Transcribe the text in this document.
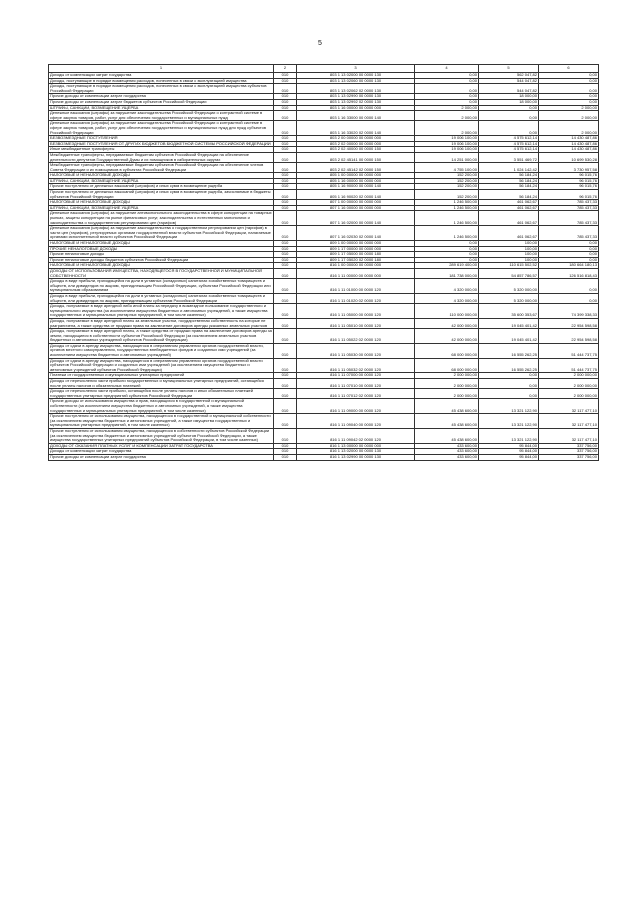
5
1	2	3	4	5	6
Доходы от компенсации затрат государства	010	803 1 13 02000 00 0000 130	0,00	562 047,82	0,00
Доходы, поступающие в порядке возмещения расходов, понесенных в связи с эксплуатацией имущества	010	803 1 13 02060 00 0000 130	0,00	544 047,82	0,00
Доходы, поступающие в порядке возмещения расходов, понесенных в связи с эксплуатацией имущества субъектов Российской Федерации	010	803 1 13 02062 02 0000 130	0,00	544 047,82	0,00
Прочие доходы от компенсации затрат государства	010	803 1 13 02990 00 0000 130	0,00	18 000,00	0,00
Прочие доходы от компенсации затрат бюджетов субъектов Российской Федерации	010	803 1 13 02992 02 0000 130	0,00	18 000,00	0,00
ШТРАФЫ, САНКЦИИ, ВОЗМЕЩЕНИЕ УЩЕРБА	010	803 1 16 00000 00 0000 000	2 000,00	0,00	2 000,00
Денежные взыскания (штрафы) за нарушение законодательства Российской Федерации о контрактной системе в сфере закупок товаров, работ, услуг для обеспечения государственных и муниципальных нужд	010	803 1 16 33000 00 0000 140	2 000,00	0,00	2 000,00
Денежные взыскания (штрафы) за нарушение законодательства Российской Федерации о контрактной системе в сфере закупок товаров, работ, услуг для обеспечения государственных и муниципальных нужд для нужд субъектов Российской Федерации	010	803 1 16 33020 02 0000 140	2 000,00	0,00	2 000,00
БЕЗВОЗМЕЗДНЫЕ ПОСТУПЛЕНИЯ	010	803 2 00 00000 00 0000 000	19 006 100,00	4 575 612,14	14 430 487,86
БЕЗВОЗМЕЗДНЫЕ ПОСТУПЛЕНИЯ ОТ ДРУГИХ БЮДЖЕТОВ БЮДЖЕТНОЙ СИСТЕМЫ РОССИЙСКОЙ ФЕДЕРАЦИИ	010	803 2 02 00000 00 0000 000	19 006 100,00	4 575 612,14	14 430 487,86
Иные межбюджетные трансферты	010	803 2 02 40000 00 0000 150	19 006 100,00	4 575 612,14	14 430 487,86
Межбюджетные трансферты, передаваемые бюджетам субъектов Российской Федерации на обеспечение деятельности депутатов Государственной Думы и их помощников в избирательных округах	010	803 2 02 45141 00 0000 150	14 251 000,00	3 551 469,72	10 699 530,28
Межбюджетные трансферты, передаваемые бюджетам субъектов Российской Федерации на обеспечение членов Совета Федерации и их помощников в субъектах Российской Федерации	010	803 2 02 45142 02 0000 150	4 755 100,00	1 024 142,42	3 730 957,58
НАЛОГОВЫЕ И НЕНАЛОГОВЫЕ ДОХОДЫ	010	805 1 00 00000 00 0000 000	152 200,00	56 184,24	96 015,76
ШТРАФЫ, САНКЦИИ, ВОЗМЕЩЕНИЕ УЩЕРБА	010	805 1 16 00000 00 0000 000	152 200,00	56 184,24	96 015,76
Прочие поступления от денежных взысканий (штрафов) и иных сумм в возмещение ущерба	010	805 1 16 90000 00 0000 140	152 200,00	56 184,24	96 015,76
Прочие поступления от денежных взысканий (штрафов) и иных сумм в возмещение ущерба, зачисляемые в бюджеты субъектов Российской Федерации	010	805 1 16 90020 02 0000 140	152 200,00	56 184,24	96 015,76
НАЛОГОВЫЕ И НЕНАЛОГОВЫЕ ДОХОДЫ	010	807 1 00 00000 00 0000 000	1 246 500,00	461 062,67	785 437,33
ШТРАФЫ, САНКЦИИ, ВОЗМЕЩЕНИЕ УЩЕРБА	010	807 1 16 00000 00 0000 000	1 246 500,00	461 062,67	785 437,33
Денежные взыскания (штрафы) за нарушение антимонопольного законодательства в сфере конкуренции на товарных рынках, защиты конкуренции на рынке финансовых услуг, законодательства о естественных монополиях и законодательства о государственном регулировании цен (тарифов)	010	807 1 16 02000 00 0000 140	1 246 500,00	461 062,67	785 437,33
Денежные взыскания (штрафы) за нарушение законодательства о государственном регулировании цен (тарифов) в части цен (тарифов), регулируемых органами государственной власти субъектов Российской Федерации, налагаемые органами исполнительной власти субъектов Российской Федерации	010	807 1 16 02030 02 0000 140	1 246 500,00	461 062,67	785 437,33
НАЛОГОВЫЕ И НЕНАЛОГОВЫЕ ДОХОДЫ	010	809 1 00 00000 00 0000 000	0,00	100,00	0,00
ПРОЧИЕ НЕНАЛОГОВЫЕ ДОХОДЫ	010	809 1 17 00000 00 0000 000	0,00	100,00	0,00
Прочие неналоговые доходы	010	809 1 17 05000 00 0000 180	0,00	100,00	0,00
Прочие неналоговые доходы бюджетов субъектов Российской Федерации	010	809 1 17 05020 02 0000 180	0,00	100,00	0,00
НАЛОГОВЫЕ И НЕНАЛОГОВЫЕ ДОХОДЫ	010	816 1 00 00000 00 0000 000	289 619 400,00	110 615 502,52	180 664 180,13
ДОХОДЫ ОТ ИСПОЛЬЗОВАНИЯ ИМУЩЕСТВА, НАХОДЯЩЕГОСЯ В ГОСУДАРСТВЕННОЙ И МУНИЦИПАЛЬНОЙ СОБСТВЕННОСТИ	010	816 1 11 00000 00 0000 000	181 738 000,00	54 857 786,57	126 516 818,43
Доходы в виде прибыли, приходящейся на доли в уставных (складочных) капиталах хозяйственных товариществ и обществ, или дивидендов по акциям, принадлежащим Российской Федерации, субъектам Российской Федерации или муниципальным образованиям	010	816 1 11 01000 00 0000 120	4 320 000,00	5 320 000,00	0,00
Доходы в виде прибыли, приходящейся на доли в уставных (складочных) капиталах хозяйственных товариществ и обществ, или дивидендов по акциям, принадлежащим субъектам Российской Федерации	010	816 1 11 01020 02 0000 120	4 320 000,00	5 320 000,00	0,00
Доходы, получаемые в виде арендной либо иной платы за передачу в возмездное пользование государственного и муниципального имущества (за исключением имущества бюджетных и автономных учреждений, а также имущества государственных и муниципальных унитарных предприятий, в том числе казенных)	010	816 1 11 05000 00 0000 120	110 000 000,00	35 600 353,67	74 399 338,33
Доходы, получаемые в виде арендной платы за земельные участки, государственная собственность на которые не разграничена, а также средства от продажи права на заключение договоров аренды указанных земельных участков	010	816 1 11 05010 00 0000 120	42 000 000,00	19 045 401,42	22 954 598,58
Доходы, получаемые в виде арендной платы, а также средства от продажи права на заключение договоров аренды за земли, находящиеся в собственности субъектов Российской Федерации (за исключением земельных участков бюджетных и автономных учреждений субъектов Российской Федерации)	010	816 1 11 05022 02 0000 120	42 000 000,00	19 045 401,42	22 954 598,58
Доходы от сдачи в аренду имущества, находящегося в оперативном управлении органов государственной власти, органов местного самоуправления, государственных внебюджетных фондов и созданных ими учреждений (за исключением имущества бюджетных и автономных учреждений)	010	816 1 11 05030 00 0000 120	68 000 000,00	16 555 262,25	51 444 737,75
Доходы от сдачи в аренду имущества, находящегося в оперативном управлении органов государственной власти субъектов Российской Федерации и созданных ими учреждений (за исключением имущества бюджетных и автономных учреждений субъектов Российской Федерации)	010	816 1 11 05032 02 0000 120	68 000 000,00	16 555 262,25	51 444 737,75
Платежи от государственных и муниципальных унитарных предприятий	010	816 1 11 07000 00 0000 120	2 000 000,00	0,00	2 000 000,00
Доходы от перечисления части прибыли государственных и муниципальных унитарных предприятий, остающейся после уплаты налогов и обязательных платежей	010	816 1 11 07010 00 0000 120	2 000 000,00	0,00	2 000 000,00
Доходы от перечисления части прибыли, остающейся после уплаты налогов и иных обязательных платежей государственных унитарных предприятий субъектов Российской Федерации	010	816 1 11 07012 02 0000 120	2 000 000,00	0,00	2 000 000,00
Прочие доходы от использования имущества и прав, находящихся в государственной и муниципальной собственности (за исключением имущества бюджетных и автономных учреждений, а также имущества государственных и муниципальных унитарных предприятий, в том числе казенных)	010	816 1 11 09000 00 0000 120	45 438 600,00	13 321 122,90	32 117 477,10
Прочие поступления от использования имущества, находящегося в государственной и муниципальной собственности (за исключением имущества бюджетных и автономных учреждений, а также имущества государственных и муниципальных унитарных предприятий, в том числе казенных)	010	816 1 11 09040 00 0000 120	45 438 600,00	13 321 122,90	32 117 477,10
Прочие поступления от использования имущества, находящегося в собственности субъектов Российской Федерации (за исключением имущества бюджетных и автономных учреждений субъектов Российской Федерации, а также имущества государственных унитарных предприятий субъектов Российской Федерации, в том числе казенных)	010	816 1 11 09042 02 0000 120	45 438 600,00	13 321 122,90	32 117 477,10
ДОХОДЫ ОТ ОКАЗАНИЯ ПЛАТНЫХ УСЛУГ И КОМПЕНСАЦИИ ЗАТРАТ ГОСУДАРСТВА	010	816 1 13 00000 00 0000 000	433 600,00	95 844,00	337 756,00
Доходы от компенсации затрат государства	010	816 1 13 02000 00 0000 130	433 600,00	95 844,00	337 756,00
Прочие доходы от компенсации затрат государства	010	816 1 13 02990 00 0000 130	433 600,00	95 844,00	337 756,00
